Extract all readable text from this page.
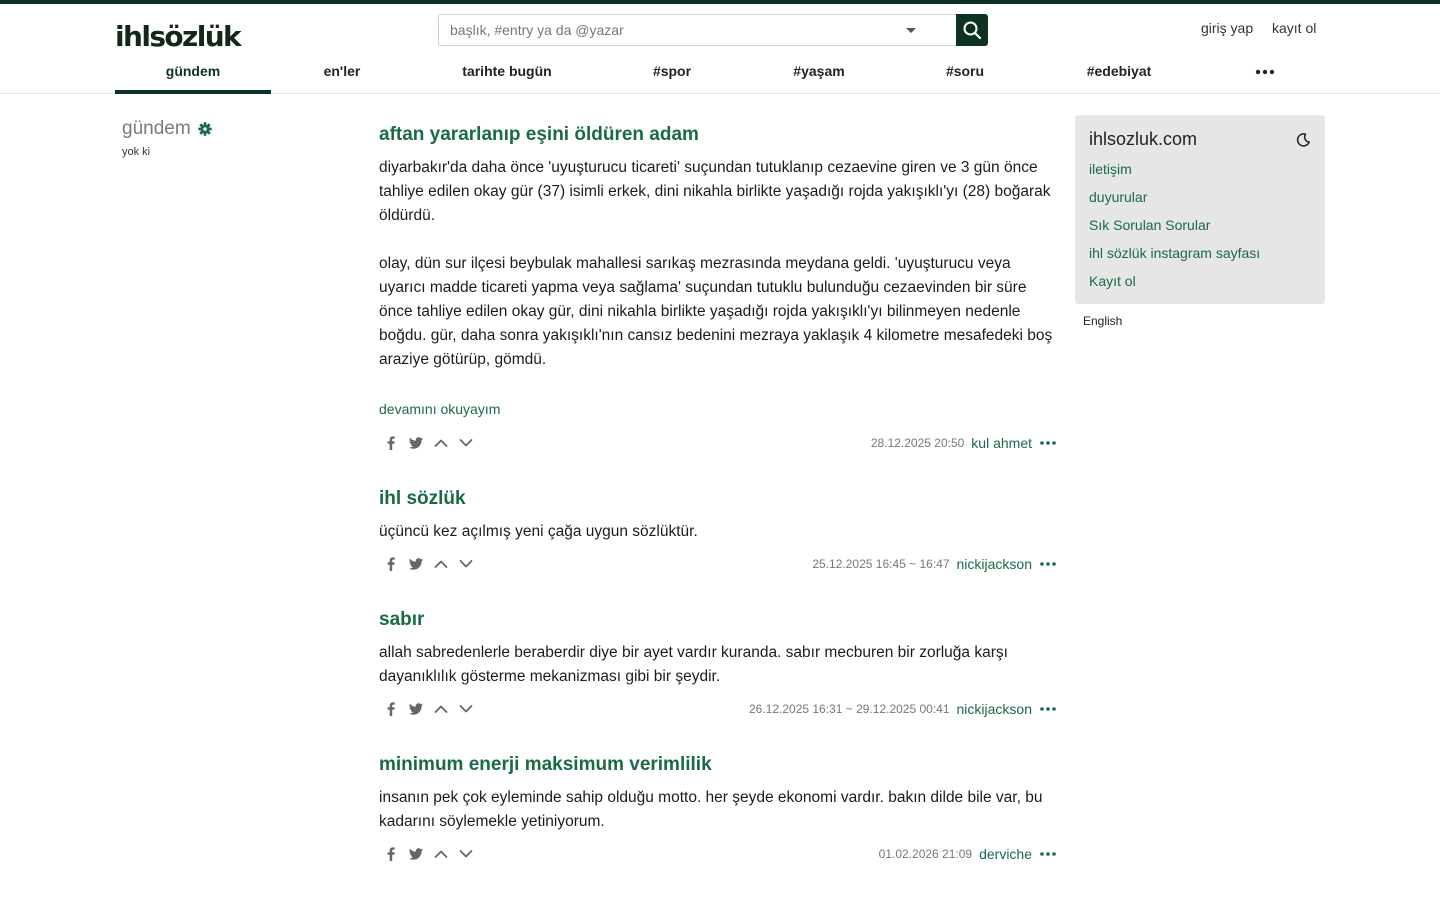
ihlsözlük
başlık, #entry ya da @yazar	giriş yap kayıt ol
gündem	en'ler	tarihte bugün	#spor	#yaşam	#soru	#edebiyat
gündem
yok ki
aftan yararlanıp eşini öldüren adam

diyarbakır'da daha önce 'uyuşturucu ticareti' suçundan tutuklanıp cezaevine giren ve 3 gün önce tahliye edilen okay gür (37) isimli erkek, dini nikahla birlikte yaşadığı rojda yakışıklı'yı (28) boğarak öldürdü.

olay, dün sur ilçesi beybulak mahallesi sarıkaş mezrasında meydana geldi. 'uyuşturucu veya uyarıcı madde ticareti yapma veya sağlama' suçundan tutuklu bulunduğu cezaevinden bir süre önce tahliye edilen okay gür, dini nikahla birlikte yaşadığı rojda yakışıklı'yı bilinmeyen nedenle boğdu. gür, daha sonra yakışıklı'nın cansız bedenini mezraya yaklaşık 4 kilometre mesafedeki boş araziye götürüp, gömdü.

devamını okuyayım
28.12.2025 20:50 kul ahmet
ihl sözlük

üçüncü kez açılmış yeni çağa uygun sözlüktür.

25.12.2025 16:45 ~ 16:47 nickijackson
sabır

allah sabredenlerle beraberdir diye bir ayet vardır kuranda. sabır mecburen bir zorluğa karşı dayanıklılık gösterme mekanizması gibi bir şeydir.

26.12.2025 16:31 ~ 29.12.2025 00:41 nickijackson
minimum enerji maksimum verimlilik

insanın pek çok eyleminde sahip olduğu motto. her şeyde ekonomi vardır. bakın dilde bile var, bu kadarını söylemekle yetiniyorum.

01.02.2026 21:09 derviche
ihlsozluk.com
iletişim
duyurular
Sık Sorulan Sorular
ihl sözlük instagram sayfası
Kayıt ol
English
